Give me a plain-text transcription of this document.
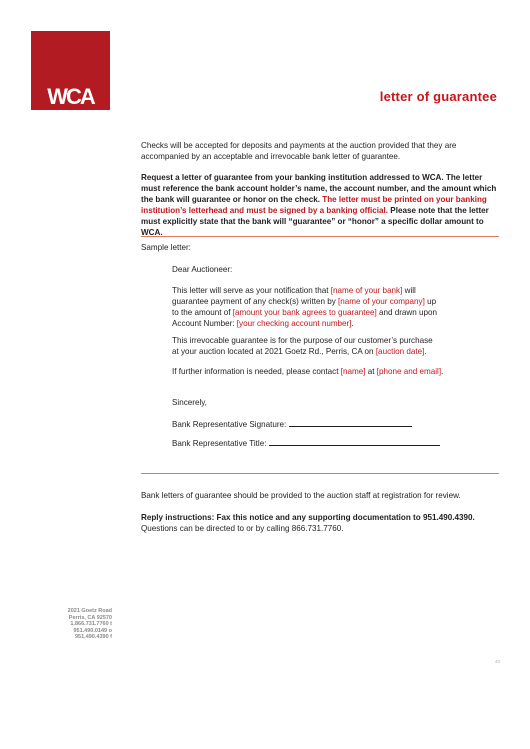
WCA	letter of guarantee

Checks will be accepted for deposits and payments at the auction provided that they are accompanied by an acceptable and irrevocable bank letter of guarantee.

Request a letter of guarantee from your banking institution addressed to WCA. The letter must reference the bank account holder’s name, the account number, and the amount which the bank will guarantee or honor on the check. The letter must be printed on your banking institution’s letterhead and must be signed by a banking official. Please note that the letter must explicitly state that the bank will “guarantee” or “honor” a specific dollar amount to WCA.

Sample letter:
Dear Auctioneer:
This letter will serve as your notification that [name of your bank] will guarantee payment of any check(s) written by [name of your company] up to the amount of [amount your bank agrees to guarantee] and drawn upon Account Number: [your checking account number].
This irrevocable guarantee is for the purpose of our customer’s purchase at your auction located at 2021 Goetz Rd., Perris, CA on [auction date].
If further information is needed, please contact [name] at [phone and email].
Sincerely,
Bank Representative Signature:
Bank Representative Title:
Bank letters of guarantee should be provided to the auction staff at registration for review.

Reply instructions: Fax this notice and any supporting documentation to 951.490.4390. Questions can be directed to or by calling 866.731.7760.

2021 Goetz Road
Perris, CA 92570
1.866.731.7760 t
951.490.0149 o
951.490.4390 f
40
